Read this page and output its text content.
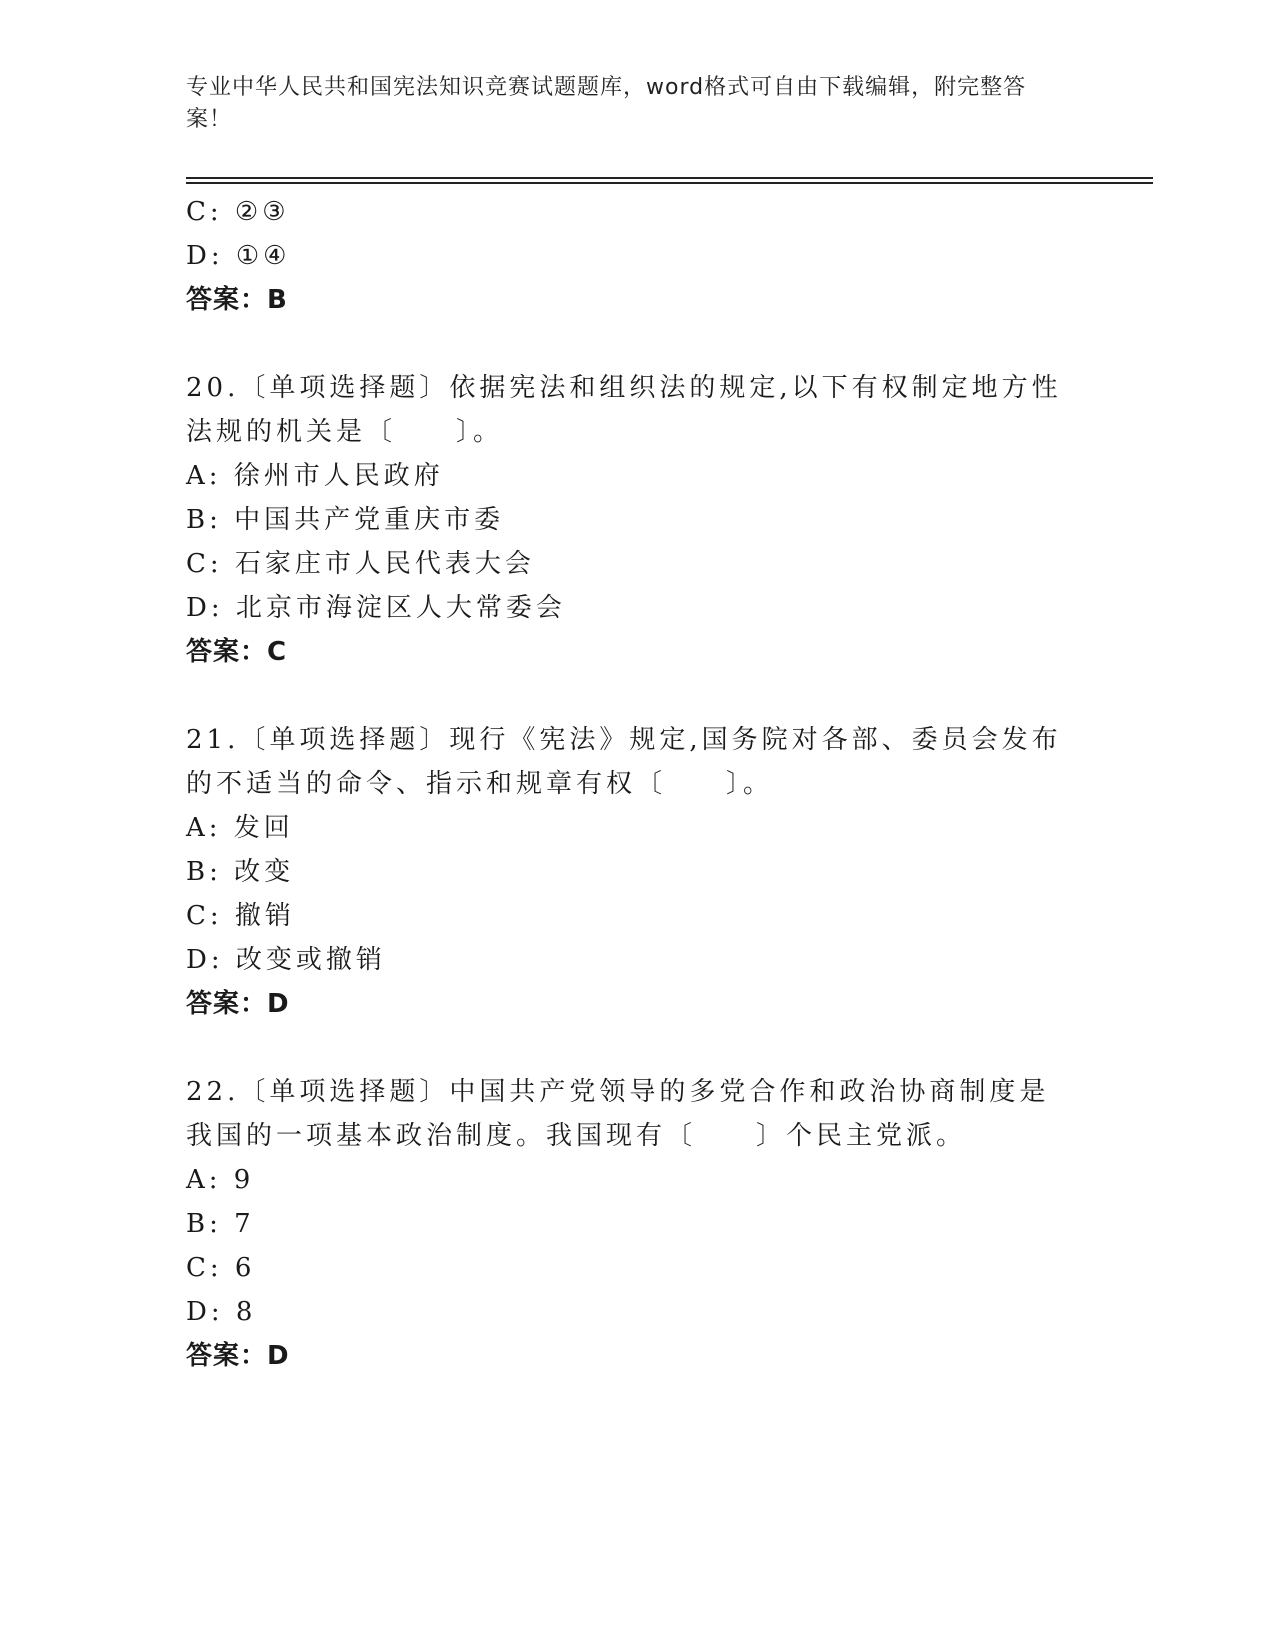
专业中华人民共和国宪法知识竞赛试题题库，word格式可自由下载编辑，附完整答案！
C: ②③
D: ①④
答案：B
20.〔单项选择题〕依据宪法和组织法的规定,以下有权制定地方性法规的机关是〔　　〕。
A: 徐州市人民政府
B: 中国共产党重庆市委
C: 石家庄市人民代表大会
D: 北京市海淀区人大常委会
答案：C
21.〔单项选择题〕现行《宪法》规定,国务院对各部、委员会发布的不适当的命令、指示和规章有权〔　　〕。
A: 发回
B: 改变
C: 撤销
D: 改变或撤销
答案：D
22.〔单项选择题〕中国共产党领导的多党合作和政治协商制度是我国的一项基本政治制度。我国现有〔　　〕个民主党派。
A: 9
B: 7
C: 6
D: 8
答案：D
